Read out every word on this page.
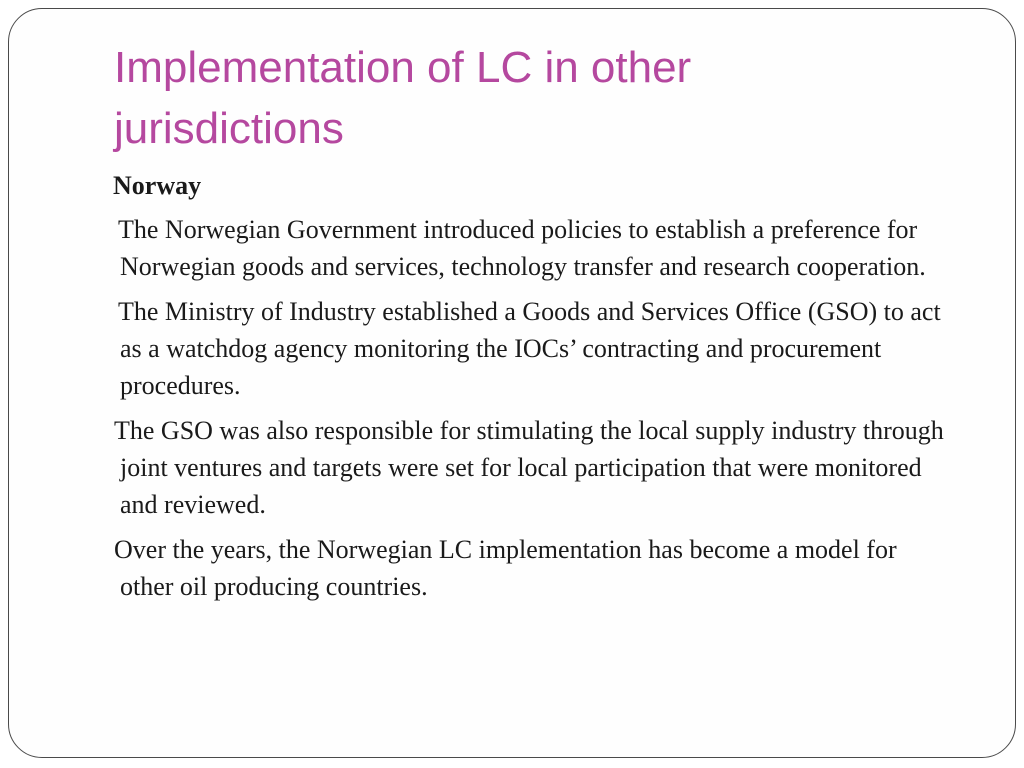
Implementation of LC in other jurisdictions

Norway

The Norwegian Government introduced policies to establish a preference for Norwegian goods and services, technology transfer and research cooperation.

The Ministry of Industry established a Goods and Services Office (GSO) to act as a watchdog agency monitoring the IOCs’ contracting and procurement procedures.

The GSO was also responsible for stimulating the local supply industry through joint ventures and targets were set for local participation that were monitored and reviewed.

Over the years, the Norwegian LC implementation has become a model for other oil producing countries.
